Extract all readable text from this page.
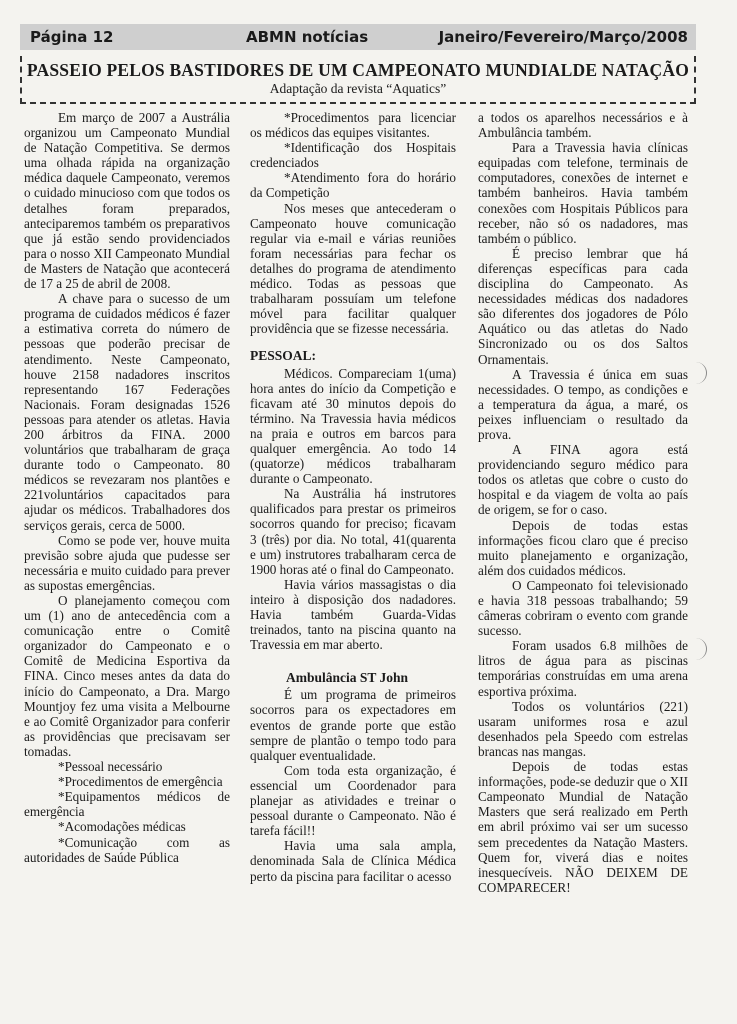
Página 12	ABMN notícias	Janeiro/Fevereiro/Março/2008
PASSEIO PELOS BASTIDORES DE UM CAMPEONATO MUNDIALDE NATAÇÃO
Adaptação da revista “Aquatics”

Em março de 2007 a Austrália organizou um Campeonato Mundial de Natação Competitiva. Se dermos uma olhada rápida na organização médica daquele Campeonato, veremos o cuidado minucioso com que todos os detalhes foram preparados, anteciparemos também os preparativos que já estão sendo providenciados para o nosso XII Campeonato Mundial de Masters de Natação que acontecerá de 17 a 25 de abril de 2008.

A chave para o sucesso de um programa de cuidados médicos é fazer a estimativa correta do número de pessoas que poderão precisar de atendimento. Neste Campeonato, houve 2158 nadadores inscritos representando 167 Federações Nacionais. Foram designadas 1526 pessoas para atender os atletas. Havia 200 árbitros da FINA. 2000 voluntários que trabalharam de graça durante todo o Campeonato. 80 médicos se revezaram nos plantões e 221voluntários capacitados para ajudar os médicos. Trabalhadores dos serviços gerais, cerca de 5000.

Como se pode ver, houve muita previsão sobre ajuda que pudesse ser necessária e muito cuidado para prever as supostas emergências.

O planejamento começou com um (1) ano de antecedência com a comunicação entre o Comitê organizador do Campeonato e o Comitê de Medicina Esportiva da FINA. Cinco meses antes da data do início do Campeonato, a Dra. Margo Mountjoy fez uma visita a Melbourne e ao Comitê Organizador para conferir as providências que precisavam ser tomadas.

*Pessoal necessário

*Procedimentos de emergência

*Equipamentos médicos de emergência

*Acomodações médicas

*Comunicação com as autoridades de Saúde Pública

*Procedimentos para licenciar os médicos das equipes visitantes.

*Identificação dos Hospitais credenciados

*Atendimento fora do horário da Competição

Nos meses que antecederam o Campeonato houve comunicação regular via e-mail e várias reuniões foram necessárias para fechar os detalhes do programa de atendimento médico. Todas as pessoas que trabalharam possuíam um telefone móvel para facilitar qualquer providência que se fizesse necessária.

PESSOAL:

Médicos. Compareciam 1(uma) hora antes do início da Competição e ficavam até 30 minutos depois do término. Na Travessia havia médicos na praia e outros em barcos para qualquer emergência. Ao todo 14 (quatorze) médicos trabalharam durante o Campeonato.

Na Austrália há instrutores qualificados para prestar os primeiros socorros quando for preciso; ficavam 3 (três) por dia. No total, 41(quarenta e um) instrutores trabalharam cerca de 1900 horas até o final do Campeonato.

Havia vários massagistas o dia inteiro à disposição dos nadadores. Havia também Guarda-Vidas treinados, tanto na piscina quanto na Travessia em mar aberto.

Ambulância ST John

É um programa de primeiros socorros para os expectadores em eventos de grande porte que estão sempre de plantão o tempo todo para qualquer eventualidade.

Com toda esta organização, é essencial um Coordenador para planejar as atividades e treinar o pessoal durante o Campeonato. Não é tarefa fácil!!

Havia uma sala ampla, denominada Sala de Clínica Médica perto da piscina para facilitar o acesso

a todos os aparelhos necessários e à Ambulância também.

Para a Travessia havia clínicas equipadas com telefone, terminais de computadores, conexões de internet e também banheiros. Havia também conexões com Hospitais Públicos para receber, não só os nadadores, mas também o público.

É preciso lembrar que há diferenças específicas para cada disciplina do Campeonato. As necessidades médicas dos nadadores são diferentes dos jogadores de Pólo Aquático ou das atletas do Nado Sincronizado ou os dos Saltos Ornamentais.

A Travessia é única em suas necessidades. O tempo, as condições e a temperatura da água, a maré, os peixes influenciam o resultado da prova.

A FINA agora está providenciando seguro médico para todos os atletas que cobre o custo do hospital e da viagem de volta ao país de origem, se for o caso.

Depois de todas estas informações ficou claro que é preciso muito planejamento e organização, além dos cuidados médicos.

O Campeonato foi televisionado e havia 318 pessoas trabalhando; 59 câmeras cobriram o evento com grande sucesso.

Foram usados 6.8 milhões de litros de água para as piscinas temporárias construídas em uma arena esportiva próxima.

Todos os voluntários (221) usaram uniformes rosa e azul desenhados pela Speedo com estrelas brancas nas mangas.

Depois de todas estas informações, pode-se deduzir que o XII Campeonato Mundial de Natação Masters que será realizado em Perth em abril próximo vai ser um sucesso sem precedentes da Natação Masters. Quem for, viverá dias e noites inesquecíveis. NÃO DEIXEM DE COMPARECER!
